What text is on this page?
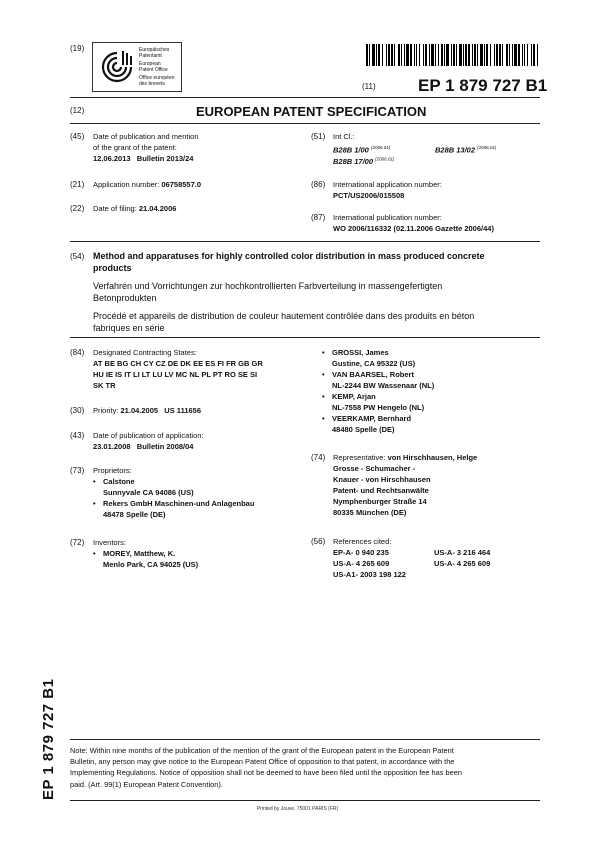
(19)	Europäisches
Patentamt
European
Patent Office
Office européen
des brevets	(11) EP 1 879 727 B1
(12)	EUROPEAN PATENT SPECIFICATION
(45) Date of publication and mention
of the grant of the patent:
12.06.2013   Bulletin 2013/24
(21) Application number: 06758557.0
(22) Date of filing: 21.04.2006
(51) Int Cl.:
B28B 1/00 $^{(2006.01)}$	B28B 13/02 $^{(2006.01)}$
B28B 17/00 $^{(2006.01)}$
(86) International application number:
PCT/US2006/015508
(87) International publication number:
WO 2006/116332 (02.11.2006 Gazette 2006/44)
(54) Method and apparatuses for highly controlled color distribution in mass produced concrete
products
Verfahren und Vorrichtungen zur hochkontrollierten Farbverteilung in massengefertigten
Betonprodukten
Procédé et appareils de distribution de couleur hautement contrôlée dans des produits en béton
fabriques en série
(84) Designated Contracting States:
AT BE BG CH CY CZ DE DK EE ES FI FR GB GR
HU IE IS IT LI LT LU LV MC NL PL PT RO SE SI
SK TR
(30) Priority: 21.04.2005   US 111656
(43) Date of publication of application:
23.01.2008   Bulletin 2008/04
(73) Proprietors:
• Calstone
Sunnyvale CA 94086 (US)
• Rekers GmbH Maschinen-und Anlagenbau
48478 Spelle (DE)
(72) Inventors:
• MOREY, Matthew, K.
Menlo Park, CA 94025 (US)
• GROSSI, James
Gustine, CA 95322 (US)
• VAN BAARSEL, Robert
NL-2244 BW Wassenaar (NL)
• KEMP, Arjan
NL-7558 PW Hengelo (NL)
• VEERKAMP, Bernhard
48480 Spelle (DE)
(74) Representative: von Hirschhausen, Helge
Grosse - Schumacher -
Knauer - von Hirschhausen
Patent- und Rechtsanwälte
Nymphenburger Straße 14
80335 München (DE)
(56) References cited:
EP-A- 0 940 235	US-A- 3 216 464
US-A- 4 265 609	US-A- 4 265 609
US-A1- 2003 198 122
EP 1 879 727 B1 Note: Within nine months of the publication of the mention of the grant of the European patent in the European Patent
Bulletin, any person may give notice to the European Patent Office of opposition to that patent, in accordance with the
Implementing Regulations. Notice of opposition shall not be deemed to have been filed until the opposition fee has been
paid. (Art. 99(1) European Patent Convention).
Printed by Jouve, 75001 PARIS (FR)
